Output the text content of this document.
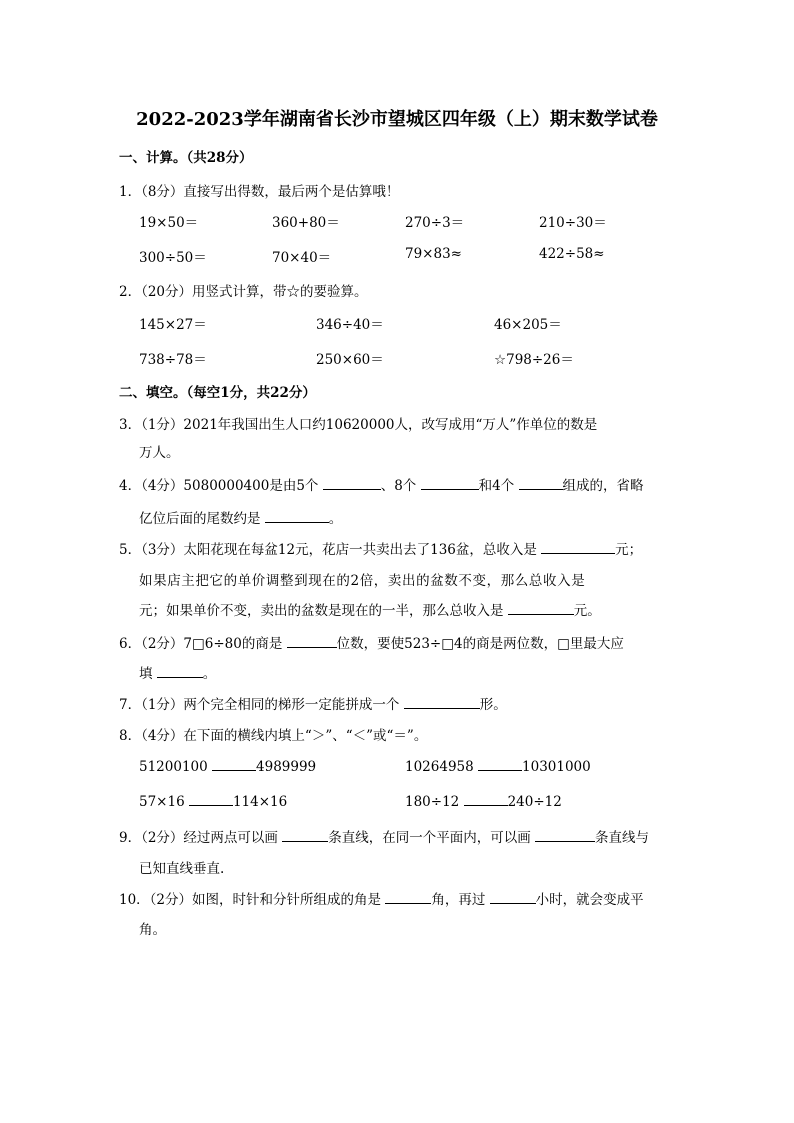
2022-2023学年湖南省长沙市望城区四年级（上）期末数学试卷
一、计算。（共28分）
1．（8分）直接写出得数，最后两个是估算哦！
19×50＝	360+80＝	270÷3＝	210÷30＝
300÷50＝	70×40＝	79×83≈	422÷58≈
2．（20分）用竖式计算，带☆的要验算。
145×27＝	346÷40＝	46×205＝
738÷78＝	250×60＝	☆798÷26＝
二、填空。（每空1分，共22分）
3．（1分）2021年我国出生人口约10620000人，改写成用“万人”作单位的数是
万人。
4．（4分）5080000400是由5个	、8个	和4个	组成的，省略
亿位后面的尾数约是	。
5．（3分）太阳花现在每盆12元，花店一共卖出去了136盆，总收入是	元；
如果店主把它的单价调整到现在的2倍，卖出的盆数不变，那么总收入是
元；如果单价不变，卖出的盆数是现在的一半，那么总收入是	元。
6．（2分）7□6÷80的商是	位数，要使523÷□4的商是两位数，□里最大应
填	。
7．（1分）两个完全相同的梯形一定能拼成一个	形。
8．（4分）在下面的横线内填上“＞”、“＜”或“＝”。
51200100	4989999	10264958	10301000
57×16	114×16	180÷12	240÷12
9．（2分）经过两点可以画	条直线，在同一个平面内，可以画	条直线与
已知直线垂直.
10．（2分）如图，时针和分针所组成的角是	角，再过	小时，就会变成平
角。
